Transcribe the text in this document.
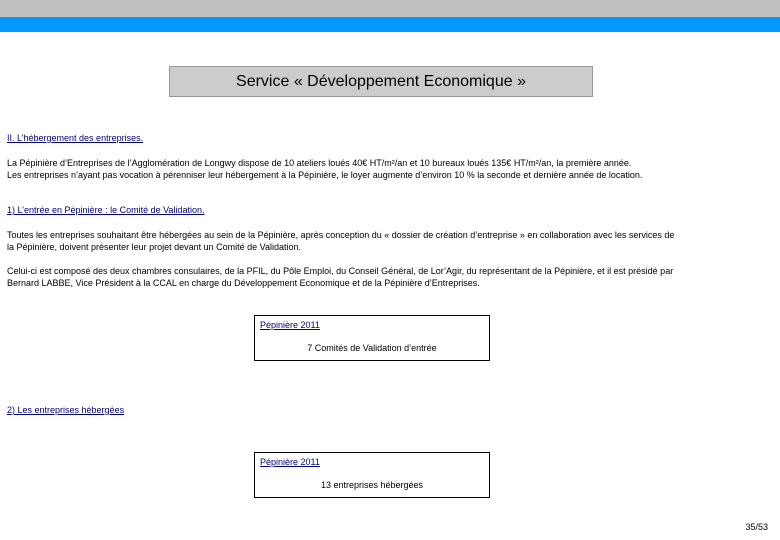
Service « Développement Economique »
II. L’hébergement des entreprises.
La Pépinière d’Entreprises de l’Agglomération de Longwy dispose de 10 ateliers loués 40€ HT/m²/an et 10 bureaux loués 135€ HT/m²/an, la première année.
Les entreprises n’ayant pas vocation à pérenniser leur hébergement à la Pépinière, le loyer augmente d’environ 10 % la seconde et dernière année de location.
1) L’entrée en Pépinière : le Comité de Validation.
Toutes les entreprises souhaitant être hébergées au sein de la Pépinière, après conception du « dossier de création d’entreprise » en collaboration avec les services de
la Pépinière, doivent présenter leur projet devant un Comité de Validation.
Celui-ci est composé des deux chambres consulaires, de la PFIL, du Pôle Emploi, du Conseil Général, de Lor’Agir, du représentant de la Pépinière, et il est présidé par
Bernard LABBE, Vice Président à la CCAL en charge du Développement Economique et de la Pépinière d’Entreprises.
Pépinière 2011
7 Comités de Validation d’entrée
2) Les entreprises hébergées
Pépinière 2011
13 entreprises hébergées
35/53
